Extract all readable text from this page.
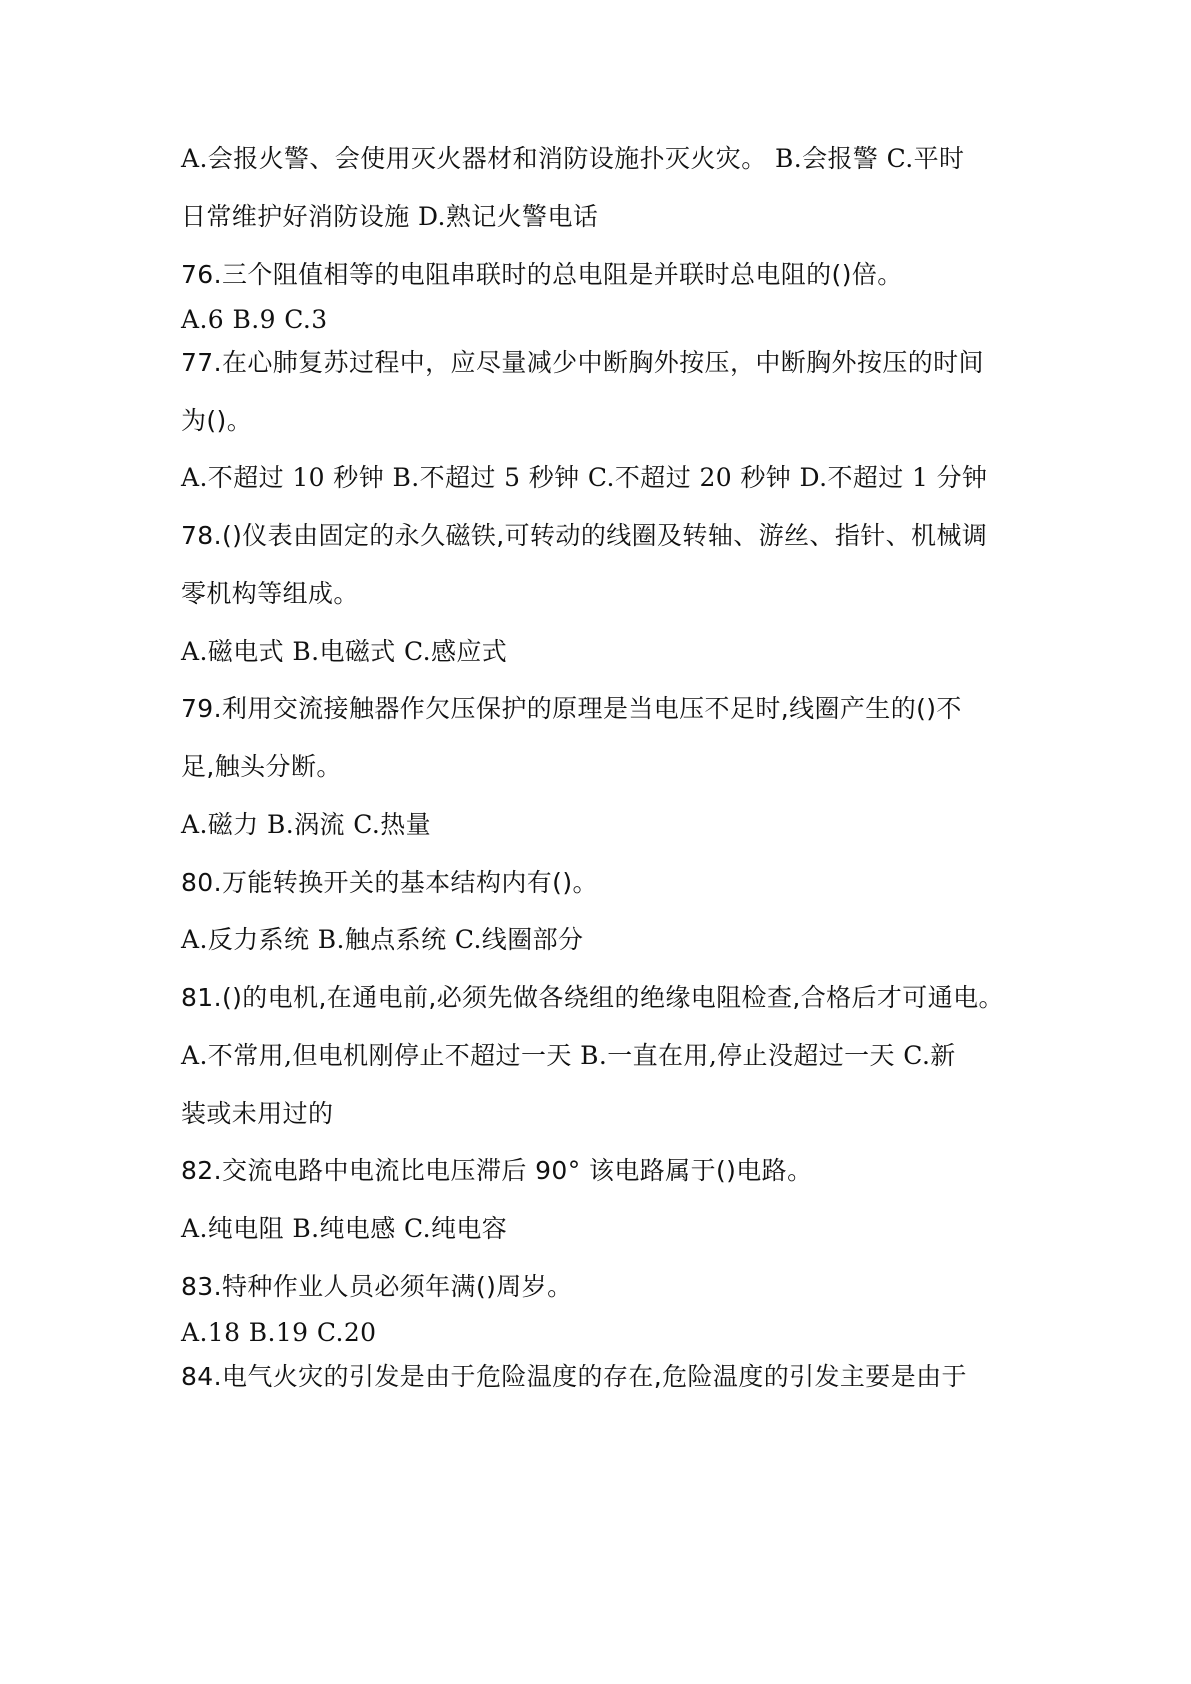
A.会报火警、会使用灭火器材和消防设施扑灭火灾。 B.会报警 C.平时
日常维护好消防设施 D.熟记火警电话
76.三个阻值相等的电阻串联时的总电阻是并联时总电阻的()倍。
A.6 B.9 C.3
77.在心肺复苏过程中，应尽量减少中断胸外按压，中断胸外按压的时间
为()。
A.不超过 10 秒钟 B.不超过 5 秒钟 C.不超过 20 秒钟 D.不超过 1 分钟
78.()仪表由固定的永久磁铁,可转动的线圈及转轴、游丝、指针、机械调
零机构等组成。
A.磁电式 B.电磁式 C.感应式
79.利用交流接触器作欠压保护的原理是当电压不足时,线圈产生的()不
足,触头分断。
A.磁力 B.涡流 C.热量
80.万能转换开关的基本结构内有()。
A.反力系统 B.触点系统 C.线圈部分
81.()的电机,在通电前,必须先做各绕组的绝缘电阻检查,合格后才可通电。
A.不常用,但电机刚停止不超过一天 B.一直在用,停止没超过一天 C.新
装或未用过的
82.交流电路中电流比电压滞后 90° 该电路属于()电路。
A.纯电阻 B.纯电感 C.纯电容
83.特种作业人员必须年满()周岁。
A.18 B.19 C.20
84.电气火灾的引发是由于危险温度的存在,危险温度的引发主要是由于
